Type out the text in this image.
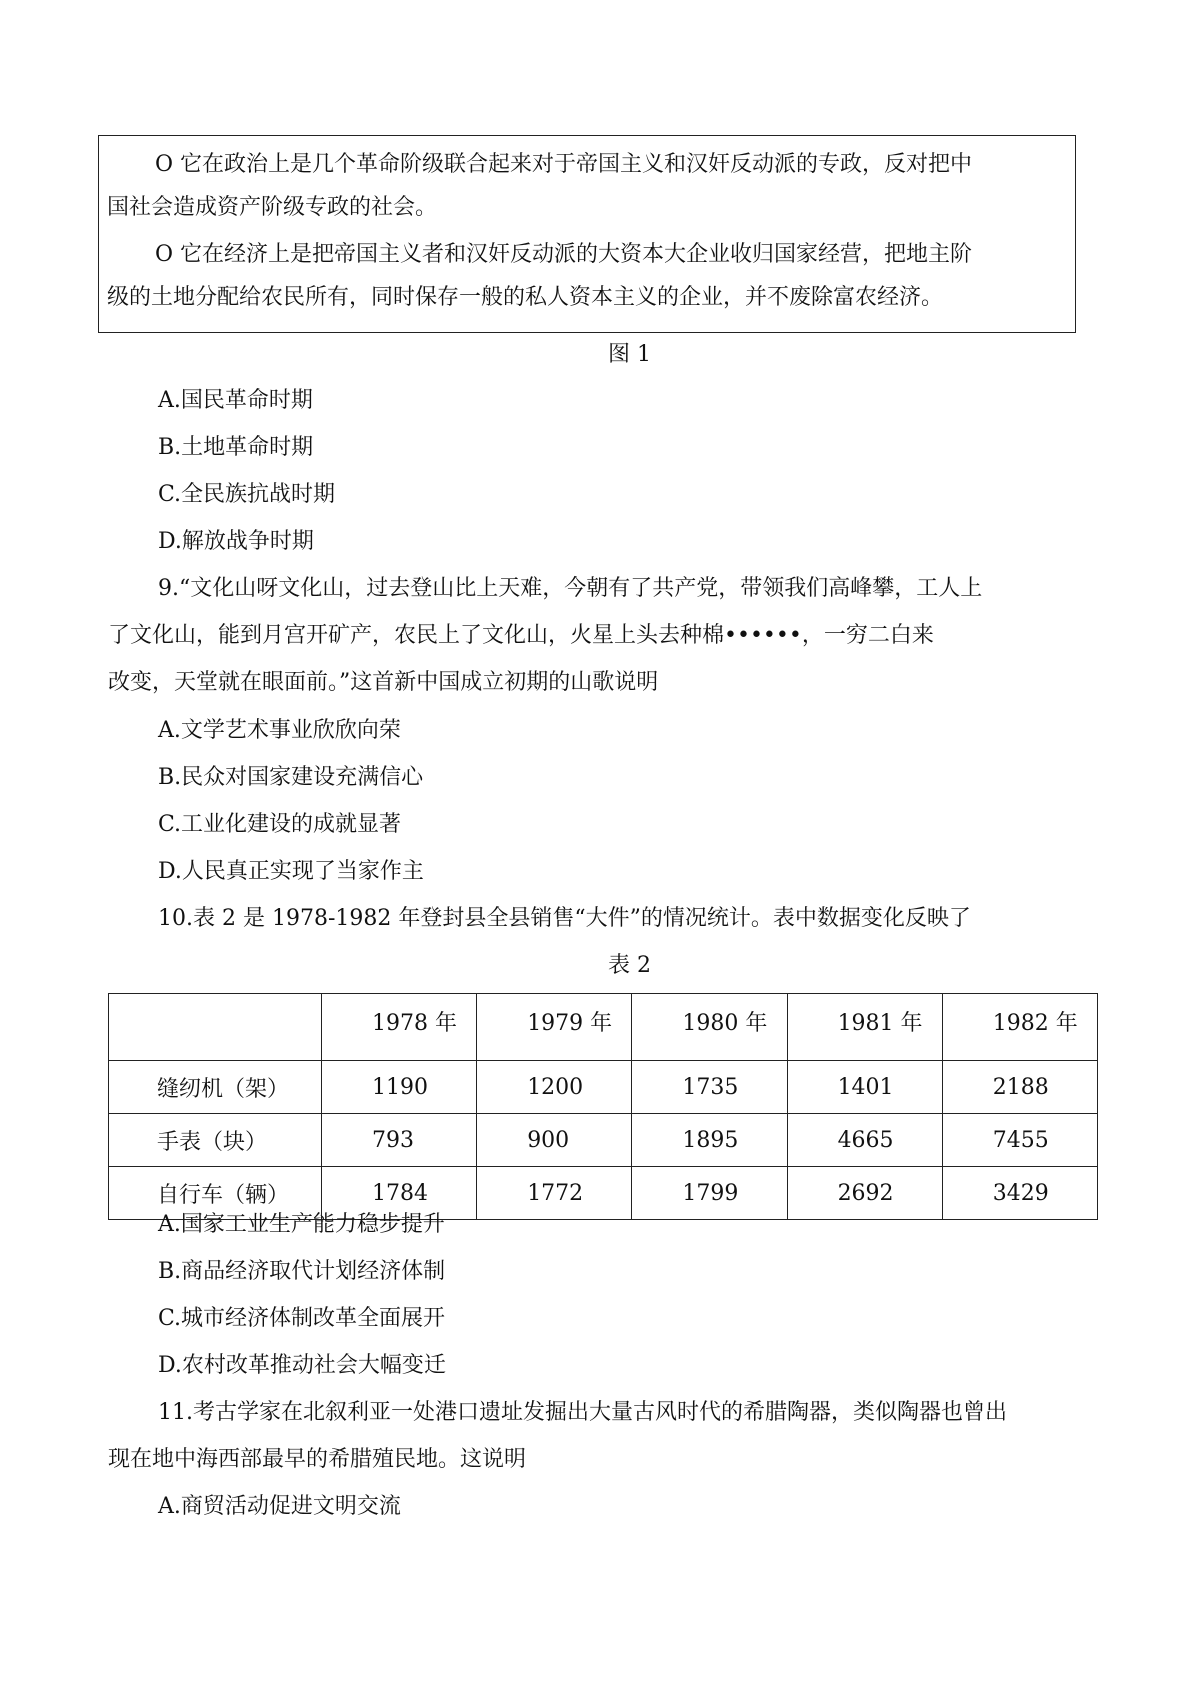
O 它在政治上是几个革命阶级联合起来对于帝国主义和汉奸反动派的专政，反对把中
国社会造成资产阶级专政的社会。
O 它在经济上是把帝国主义者和汉奸反动派的大资本大企业收归国家经营，把地主阶
级的土地分配给农民所有，同时保存一般的私人资本主义的企业，并不废除富农经济。
图 1
A.国民革命时期
B.土地革命时期
C.全民族抗战时期
D.解放战争时期
9.“文化山呀文化山，过去登山比上天难，今朝有了共产党，带领我们高峰攀，工人上
了文化山，能到月宫开矿产，农民上了文化山，火星上头去种棉••••••，一穷二白来
改变，天堂就在眼面前。”这首新中国成立初期的山歌说明
A.文学艺术事业欣欣向荣
B.民众对国家建设充满信心
C.工业化建设的成就显著
D.人民真正实现了当家作主
10.表 2 是 1978-1982 年登封县全县销售“大件”的情况统计。表中数据变化反映了
表 2
	1978 年	1979 年	1980 年	1981 年	1982 年
缝纫机（架）	1190	1200	1735	1401	2188
手表（块）	793	900	1895	4665	7455
自行车（辆）	1784	1772	1799	2692	3429
A.国家工业生产能力稳步提升
B.商品经济取代计划经济体制
C.城市经济体制改革全面展开
D.农村改革推动社会大幅变迁
11.考古学家在北叙利亚一处港口遗址发掘出大量古风时代的希腊陶器，类似陶器也曾出
现在地中海西部最早的希腊殖民地。这说明
A.商贸活动促进文明交流
